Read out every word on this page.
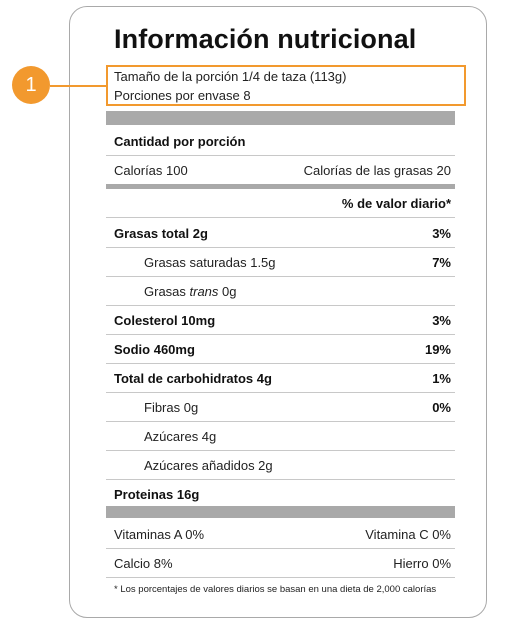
Información nutricional
1	Tamaño de la porción 1/4 de taza (113g)
Porciones por envase 8
Cantidad por porción
Calorías 100	Calorías de las grasas 20
% de valor diario*
Grasas total 2g	3%
Grasas saturadas 1.5g	7%
Grasas trans 0g
Colesterol 10mg	3%
Sodio 460mg	19%
Total de carbohidratos 4g	1%
Fibras 0g	0%
Azúcares 4g
Azúcares añadidos 2g
Proteinas 16g
Vitaminas A 0%	Vitamina C 0%
Calcio 8%	Hierro 0%
* Los porcentajes de valores diarios se basan en una dieta de 2,000 calorías
